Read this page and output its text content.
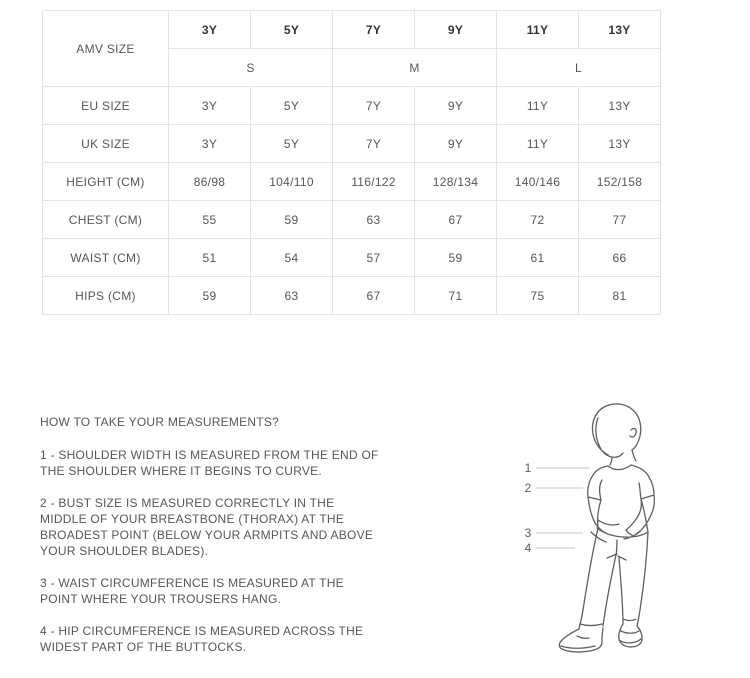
AMV SIZE	3Y	5Y	7Y	9Y	11Y	13Y
	S		M		L	
EU SIZE	3Y	5Y	7Y	9Y	11Y	13Y
UK SIZE	3Y	5Y	7Y	9Y	11Y	13Y
HEIGHT (CM)	86/98	104/110	116/122	128/134	140/146	152/158
CHEST (CM)	55	59	63	67	72	77
WAIST (CM)	51	54	57	59	61	66
HIPS (CM)	59	63	67	71	75	81
HOW TO TAKE YOUR MEASUREMENTS?

1 - SHOULDER WIDTH IS MEASURED FROM THE END OF THE SHOULDER WHERE IT BEGINS TO CURVE.

2 - BUST SIZE IS MEASURED CORRECTLY IN THE MIDDLE OF YOUR BREASTBONE (THORAX) AT THE BROADEST POINT (BELOW YOUR ARMPITS AND ABOVE YOUR SHOULDER BLADES).

3 - WAIST CIRCUMFERENCE IS MEASURED AT THE POINT WHERE YOUR TROUSERS HANG.

4 - HIP CIRCUMFERENCE IS MEASURED ACROSS THE WIDEST PART OF THE BUTTOCKS.

1
2
3
4
